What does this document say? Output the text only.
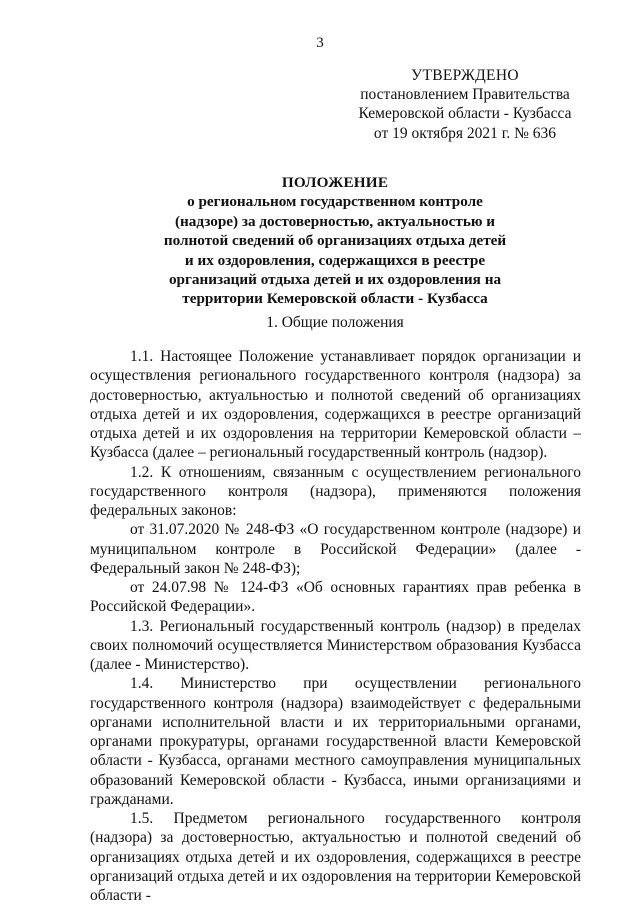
3
УТВЕРЖДЕНО
постановлением Правительства
Кемеровской области - Кузбасса
от 19 октября 2021 г. № 636
ПОЛОЖЕНИЕ
о региональном государственном контроле
(надзоре) за достоверностью, актуальностью и
полнотой сведений об организациях отдыха детей
и их оздоровления, содержащихся в реестре
организаций отдыха детей и их оздоровления на
территории Кемеровской области - Кузбасса
1. Общие положения

1.1. Настоящее Положение устанавливает порядок организации и осуществления регионального государственного контроля (надзора) за достоверностью, актуальностью и полнотой сведений об организациях отдыха детей и их оздоровления, содержащихся в реестре организаций отдыха детей и их оздоровления на территории Кемеровской области – Кузбасса (далее – региональный государственный контроль (надзор).

1.2. К отношениям, связанным с осуществлением регионального государственного контроля (надзора), применяются положения федеральных законов:

от 31.07.2020 № 248-ФЗ «О государственном контроле (надзоре) и муниципальном контроле в Российской Федерации» (далее - Федеральный закон № 248-ФЗ);

от 24.07.98 № 124-ФЗ «Об основных гарантиях прав ребенка в Российской Федерации».

1.3. Региональный государственный контроль (надзор) в пределах своих полномочий осуществляется Министерством образования Кузбасса (далее - Министерство).

1.4. Министерство при осуществлении регионального государственного контроля (надзора) взаимодействует с федеральными органами исполнительной власти и их территориальными органами, органами прокуратуры, органами государственной власти Кемеровской области - Кузбасса, органами местного самоуправления муниципальных образований Кемеровской области - Кузбасса, иными организациями и гражданами.

1.5. Предметом регионального государственного контроля (надзора) за достоверностью, актуальностью и полнотой сведений об организациях отдыха детей и их оздоровления, содержащихся в реестре организаций отдыха детей и их оздоровления на территории Кемеровской области -
